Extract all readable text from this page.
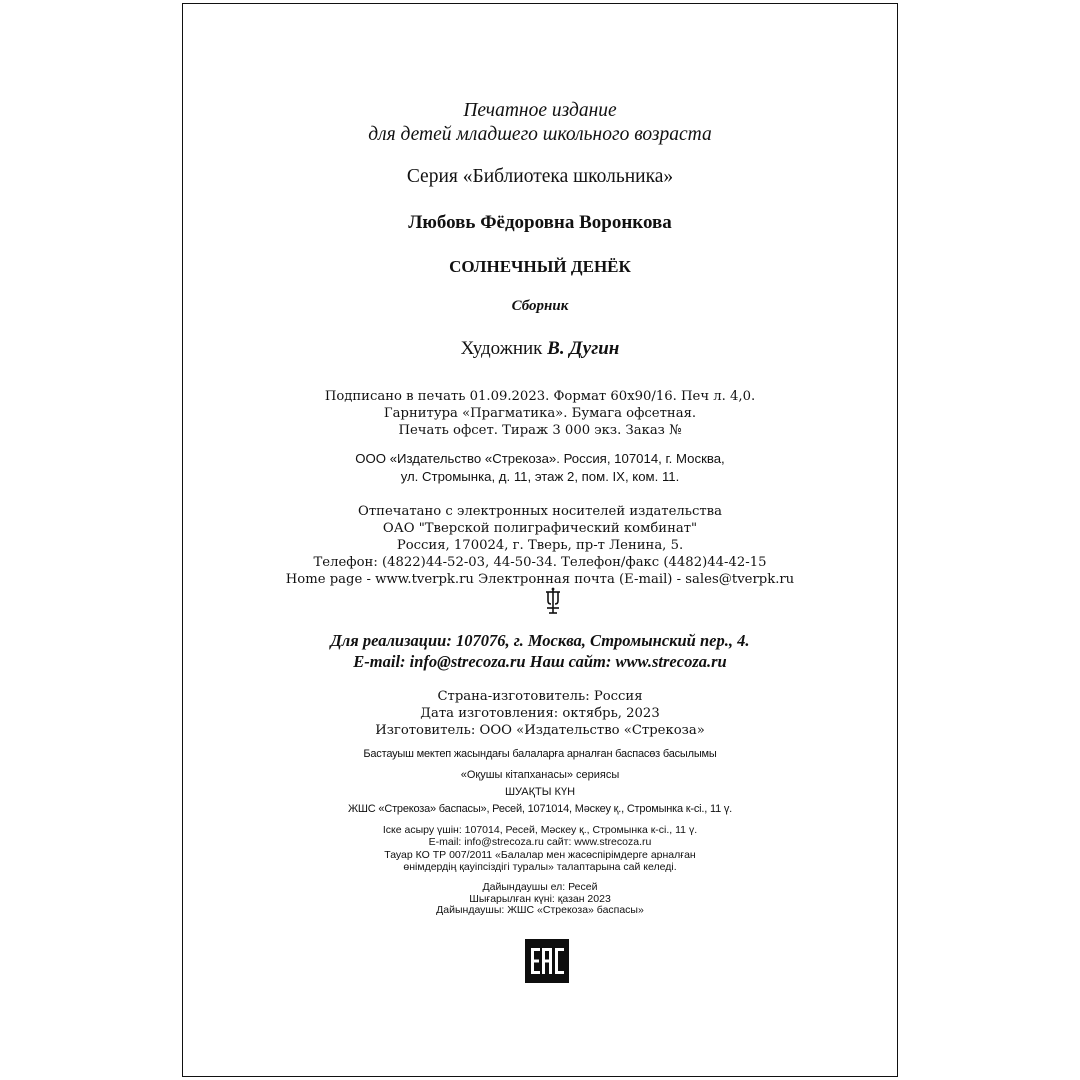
Печатное издание
для детей младшего школьного возраста
Серия «Библиотека школьника»
Любовь Фёдоровна Воронкова
СОЛНЕЧНЫЙ ДЕНЁК
Сборник
Художник В. Дугин
Подписано в печать 01.09.2023. Формат 60х90/16. Печ л. 4,0.
Гарнитура «Прагматика». Бумага офсетная.
Печать офсет. Тираж 3 000 экз. Заказ №
ООО «Издательство «Стрекоза». Россия, 107014, г. Москва,
ул. Стромынка, д. 11, этаж 2, пом. IX, ком. 11.
Отпечатано с электронных носителей издательства
ОАО "Тверской полиграфический комбинат"
Россия, 170024, г. Тверь, пр-т Ленина, 5.
Телефон: (4822)44-52-03, 44-50-34. Телефон/факс (4482)44-42-15
Home page - www.tverpk.ru Электронная почта (E-mail) - sales@tverpk.ru
Для реализации: 107076, г. Москва, Стромынский пер., 4.
E-mail: info@strecoza.ru Наш сайт: www.strecoza.ru
Страна-изготовитель: Россия
Дата изготовления: октябрь, 2023
Изготовитель: ООО «Издательство «Стрекоза»
Бастауыш мектеп жасындағы балаларға арналған баспасөз басылымы
«Оқушы кітапханасы» сериясы
ШУАҚТЫ КҮН
ЖШС «Стрекоза» баспасы», Ресей, 1071014, Мәскеу қ., Стромынка к-сі., 11 ү.
Іске асыру үшін: 107014, Ресей, Мәскеу қ., Стромынка к-сі., 11 ү.
E-mail: info@strecoza.ru сайт: www.strecoza.ru
Тауар КО ТР 007/2011 «Балалар мен жасөспірімдерге арналған
өнімдердің қауіпсіздігі туралы» талаптарына сай келеді.
Дайындаушы ел: Ресей
Шығарылған күні: қазан 2023
Дайындаушы: ЖШС «Стрекоза» баспасы»
